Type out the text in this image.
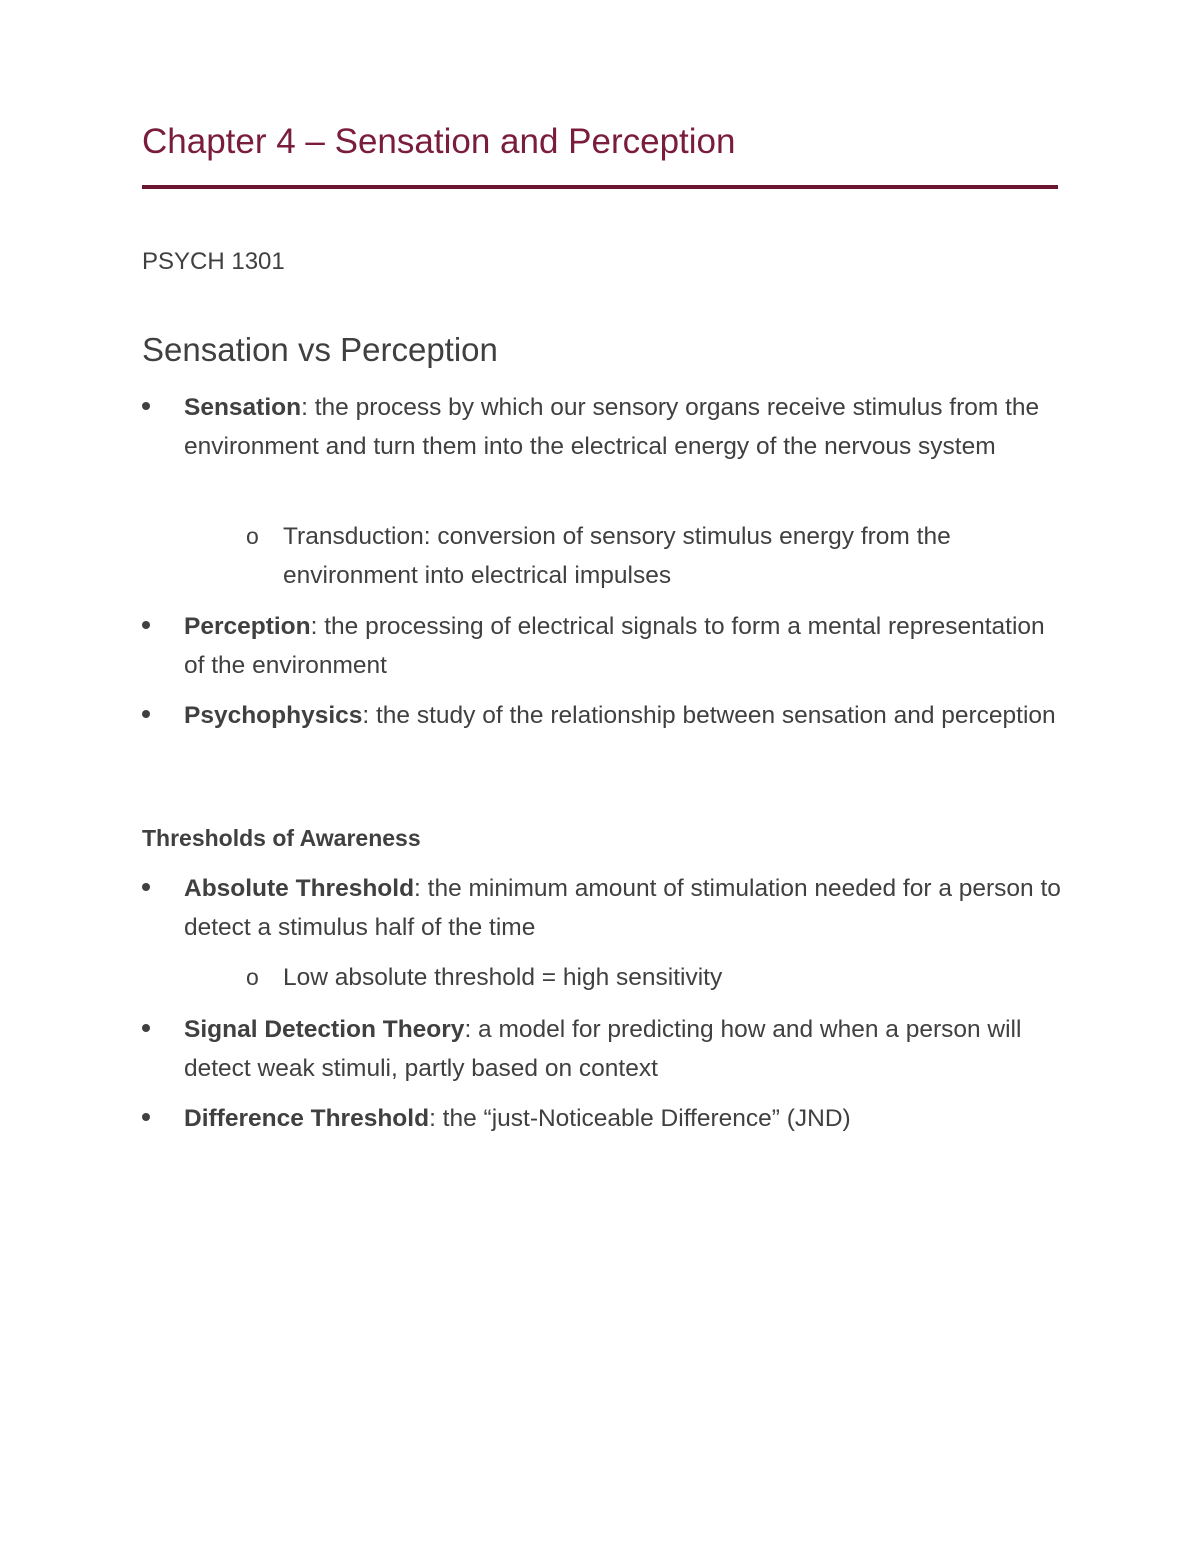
Chapter 4 – Sensation and Perception
PSYCH 1301
Sensation vs Perception
Sensation: the process by which our sensory organs receive stimulus from the environment and turn them into the electrical energy of the nervous system
o Transduction: conversion of sensory stimulus energy from the environment into electrical impulses
Perception: the processing of electrical signals to form a mental representation of the environment
Psychophysics: the study of the relationship between sensation and perception
Thresholds of Awareness
Absolute Threshold: the minimum amount of stimulation needed for a person to detect a stimulus half of the time
o Low absolute threshold = high sensitivity
Signal Detection Theory: a model for predicting how and when a person will detect weak stimuli, partly based on context
Difference Threshold: the “just-Noticeable Difference” (JND)
